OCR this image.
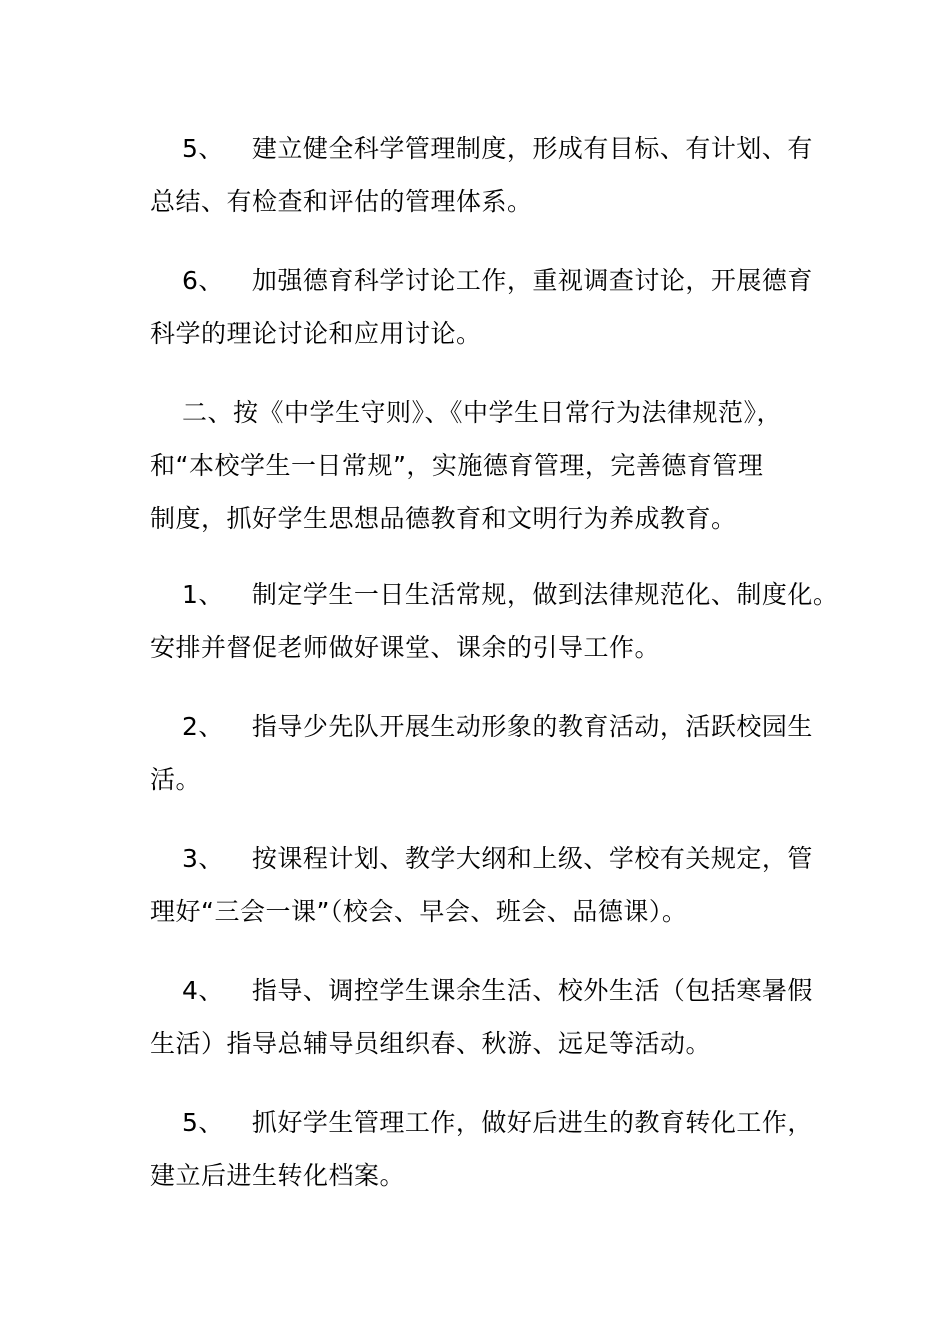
5、 建立健全科学管理制度，形成有目标、有计划、有
总结、有检查和评估的管理体系。
6、 加强德育科学讨论工作，重视调查讨论，开展德育
科学的理论讨论和应用讨论。
二、按《中学生守则》、《中学生日常行为法律规范》，
和“本校学生一日常规”，实施德育管理，完善德育管理
制度，抓好学生思想品德教育和文明行为养成教育。
1、 制定学生一日生活常规，做到法律规范化、制度化。
安排并督促老师做好课堂、课余的引导工作。
2、 指导少先队开展生动形象的教育活动，活跃校园生
活。
3、 按课程计划、教学大纲和上级、学校有关规定，管
理好“三会一课”（校会、早会、班会、品德课）。
4、 指导、调控学生课余生活、校外生活（包括寒暑假
生活）指导总辅导员组织春、秋游、远足等活动。
5、 抓好学生管理工作，做好后进生的教育转化工作，
建立后进生转化档案。
